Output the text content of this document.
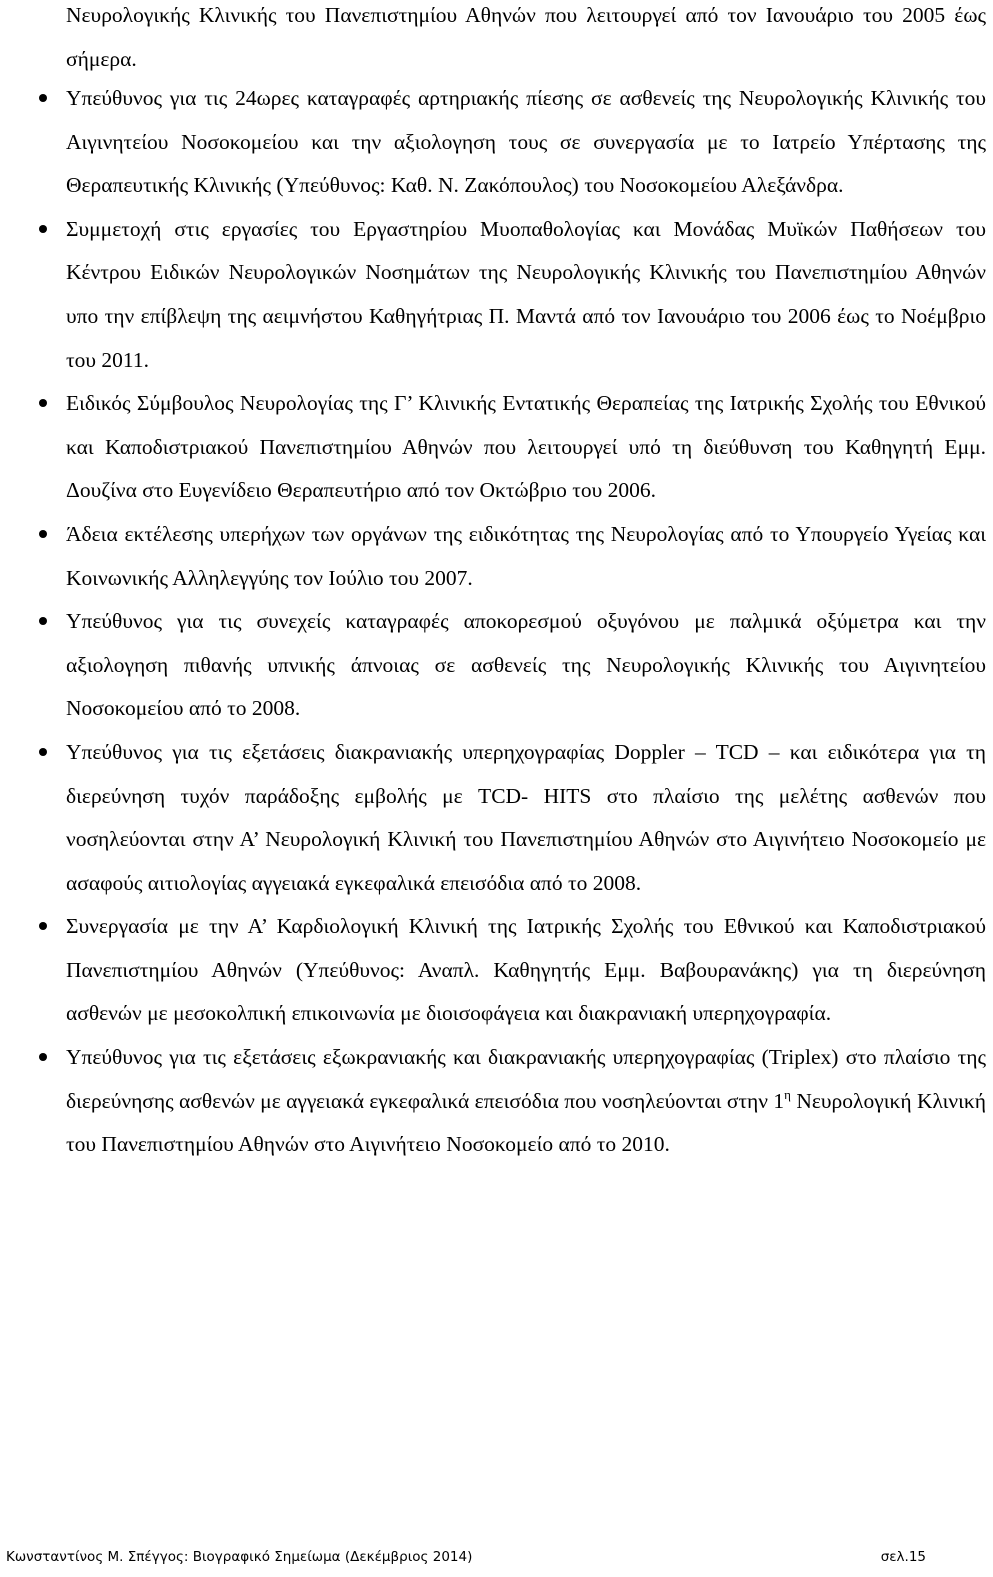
Νευρολογικής Κλινικής του Πανεπιστημίου Αθηνών που λειτουργεί από τον Ιανουάριο του 2005 έως σήμερα.
Υπεύθυνος για τις 24ωρες καταγραφές αρτηριακής πίεσης σε ασθενείς της Νευρολογικής Κλινικής του Αιγινητείου Νοσοκομείου και την αξιολογηση τους σε συνεργασία με το Ιατρείο Υπέρτασης της Θεραπευτικής Κλινικής (Υπεύθυνος: Καθ. Ν. Ζακόπουλος) του Νοσοκομείου Αλεξάνδρα.
Συμμετοχή στις εργασίες του Εργαστηρίου Μυοπαθολογίας και Μονάδας Μυϊκών Παθήσεων του Κέντρου Ειδικών Νευρολογικών Νοσημάτων της Νευρολογικής Κλινικής του Πανεπιστημίου Αθηνών υπο την επίβλεψη της αειμνήστου Καθηγήτριας Π. Μαντά από τον Ιανουάριο του 2006 έως το Νοέμβριο του 2011.
Ειδικός Σύμβουλος Νευρολογίας της Γ’ Κλινικής Εντατικής Θεραπείας της Ιατρικής Σχολής του Εθνικού και Καποδιστριακού Πανεπιστημίου Αθηνών που λειτουργεί υπό τη διεύθυνση του Καθηγητή Εμμ. Δουζίνα στο Ευγενίδειο Θεραπευτήριο από τον Οκτώβριο του 2006.
Άδεια εκτέλεσης υπερήχων των οργάνων της ειδικότητας της Νευρολογίας από το Υπουργείο Υγείας και Κοινωνικής Αλληλεγγύης τον Ιούλιο του 2007.
Υπεύθυνος για τις συνεχείς καταγραφές αποκορεσμού οξυγόνου με παλμικά οξύμετρα και την αξιολογηση πιθανής υπνικής άπνοιας σε ασθενείς της Νευρολογικής Κλινικής του Αιγινητείου Νοσοκομείου από το 2008.
Υπεύθυνος για τις εξετάσεις διακρανιακής υπερηχογραφίας Doppler – TCD – και ειδικότερα για τη διερεύνηση τυχόν παράδοξης εμβολής με TCD- HITS στο πλαίσιο της μελέτης ασθενών που νοσηλεύονται στην Α’ Νευρολογική Κλινική του Πανεπιστημίου Αθηνών στο Αιγινήτειο Νοσοκομείο με ασαφούς αιτιολογίας αγγειακά εγκεφαλικά επεισόδια από το 2008.
Συνεργασία με την Α’ Καρδιολογική Κλινική της Ιατρικής Σχολής του Εθνικού και Καποδιστριακού Πανεπιστημίου Αθηνών (Υπεύθυνος: Αναπλ. Καθηγητής Εμμ. Βαβουρανάκης) για τη διερεύνηση ασθενών με μεσοκολπική επικοινωνία με διοισοφάγεια και διακρανιακή υπερηχογραφία.
Υπεύθυνος για τις εξετάσεις εξωκρανιακής και διακρανιακής υπερηχογραφίας (Triplex) στο πλαίσιο της διερεύνησης ασθενών με αγγειακά εγκεφαλικά επεισόδια που νοσηλεύονται στην $1^\eta$ Νευρολογική Κλινική του Πανεπιστημίου Αθηνών στο Αιγινήτειο Νοσοκομείο από το 2010.
Κωνσταντίνος Μ. Σπέγγος: Βιογραφικό Σημείωμα (Δεκέμβριος 2014)	σελ.15
